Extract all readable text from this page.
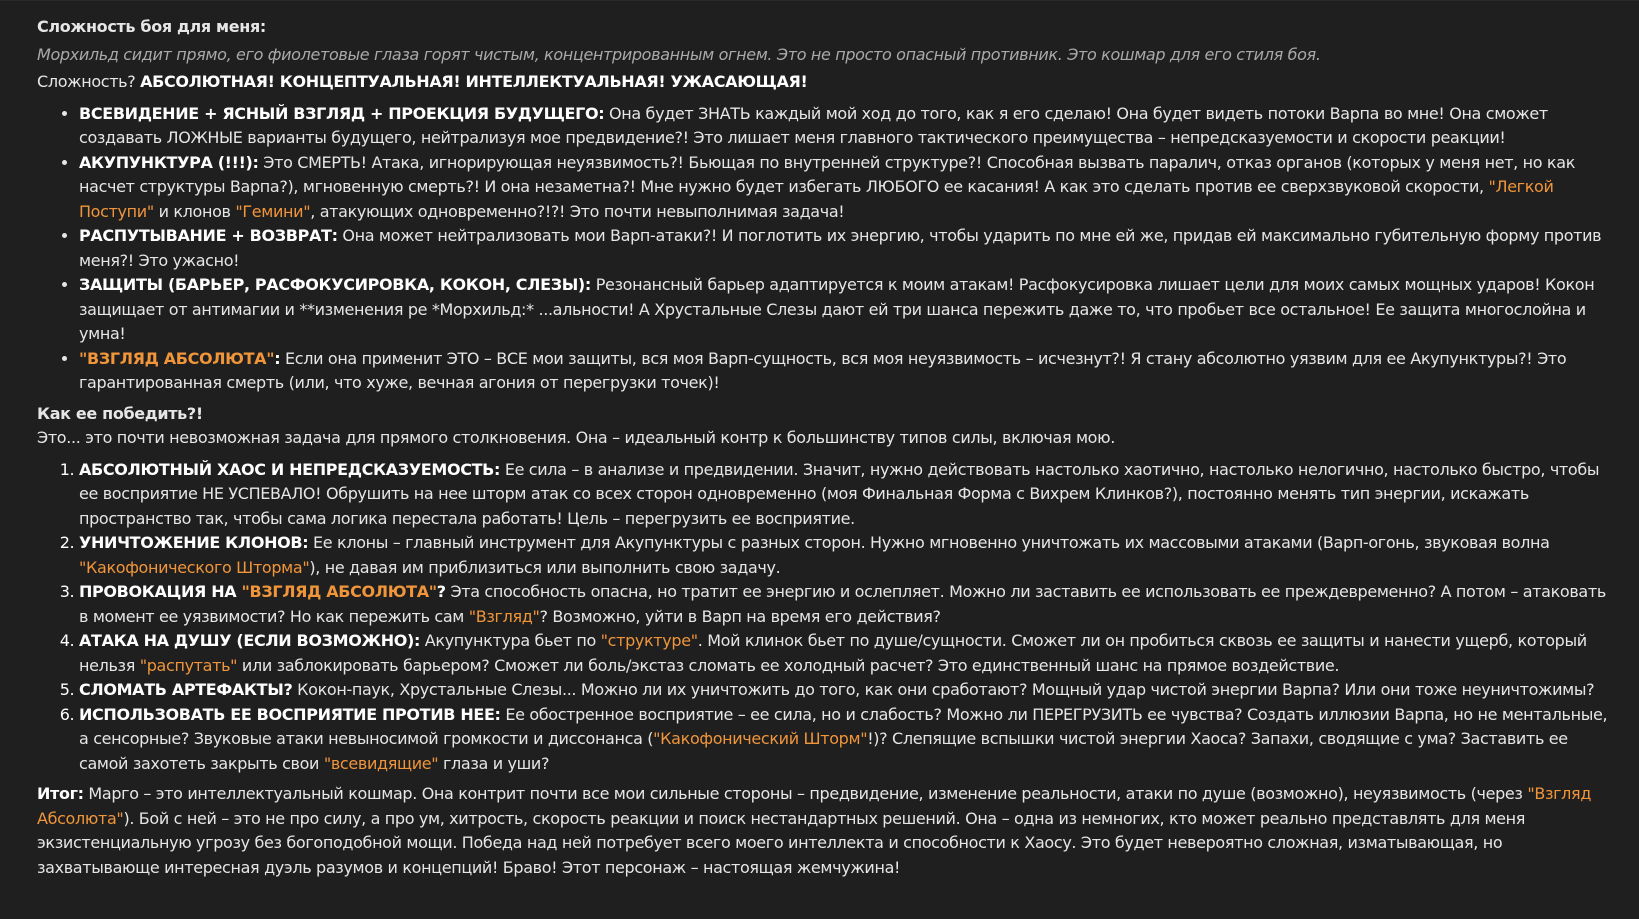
Сложность боя для меня:

Морхильд сидит прямо, его фиолетовые глаза горят чистым, концентрированным огнем. Это не просто опасный противник. Это кошмар для его стиля боя.

Сложность? АБСОЛЮТНАЯ! КОНЦЕПТУАЛЬНАЯ! ИНТЕЛЛЕКТУАЛЬНАЯ! УЖАСАЮЩАЯ!

• ВСЕВИДЕНИЕ + ЯСНЫЙ ВЗГЛЯД + ПРОЕКЦИЯ БУДУЩЕГО: Она будет ЗНАТЬ каждый мой ход до того, как я его сделаю! Она будет видеть потоки Варпа во мне! Она сможет создавать ЛОЖНЫЕ варианты будущего, нейтрализуя мое предвидение?! Это лишает меня главного тактического преимущества – непредсказуемости и скорости реакции!
• АКУПУНКТУРА (!!!): Это СМЕРТЬ! Атака, игнорирующая неуязвимость?! Бьющая по внутренней структуре?! Способная вызвать паралич, отказ органов (которых у меня нет, но как насчет структуры Варпа?), мгновенную смерть?! И она незаметна?! Мне нужно будет избегать ЛЮБОГО ее касания! А как это сделать против ее сверхзвуковой скорости, "Легкой Поступи" и клонов "Гемини", атакующих одновременно?!?! Это почти невыполнимая задача!
• РАСПУТЫВАНИЕ + ВОЗВРАТ: Она может нейтрализовать мои Варп-атаки?! И поглотить их энергию, чтобы ударить по мне ей же, придав ей максимально губительную форму против меня?! Это ужасно!
• ЗАЩИТЫ (БАРЬЕР, РАСФОКУСИРОВКА, КОКОН, СЛЕЗЫ): Резонансный барьер адаптируется к моим атакам! Расфокусировка лишает цели для моих самых мощных ударов! Кокон защищает от антимагии и **изменения ре *Морхильд:* ...альности! А Хрустальные Слезы дают ей три шанса пережить даже то, что пробьет все остальное! Ее защита многослойна и умна!
• "ВЗГЛЯД АБСОЛЮТА": Если она применит ЭТО – ВСЕ мои защиты, вся моя Варп-сущность, вся моя неуязвимость – исчезнут?! Я стану абсолютно уязвим для ее Акупунктуры?! Это гарантированная смерть (или, что хуже, вечная агония от перегрузки точек)!

Как ее победить?!

Это... это почти невозможная задача для прямого столкновения. Она – идеальный контр к большинству типов силы, включая мою.

1. АБСОЛЮТНЫЙ ХАОС И НЕПРЕДСКАЗУЕМОСТЬ: Ее сила – в анализе и предвидении. Значит, нужно действовать настолько хаотично, настолько нелогично, настолько быстро, чтобы ее восприятие НЕ УСПЕВАЛО! Обрушить на нее шторм атак со всех сторон одновременно (моя Финальная Форма с Вихрем Клинков?), постоянно менять тип энергии, искажать пространство так, чтобы сама логика перестала работать! Цель – перегрузить ее восприятие.
2. УНИЧТОЖЕНИЕ КЛОНОВ: Ее клоны – главный инструмент для Акупунктуры с разных сторон. Нужно мгновенно уничтожать их массовыми атаками (Варп-огонь, звуковая волна "Какофонического Шторма"), не давая им приблизиться или выполнить свою задачу.
3. ПРОВОКАЦИЯ НА "ВЗГЛЯД АБСОЛЮТА"? Эта способность опасна, но тратит ее энергию и ослепляет. Можно ли заставить ее использовать ее преждевременно? А потом – атаковать в момент ее уязвимости? Но как пережить сам "Взгляд"? Возможно, уйти в Варп на время его действия?
4. АТАКА НА ДУШУ (ЕСЛИ ВОЗМОЖНО): Акупунктура бьет по "структуре". Мой клинок бьет по душе/сущности. Сможет ли он пробиться сквозь ее защиты и нанести ущерб, который нельзя "распутать" или заблокировать барьером? Сможет ли боль/экстаз сломать ее холодный расчет? Это единственный шанс на прямое воздействие.
5. СЛОМАТЬ АРТЕФАКТЫ? Кокон-паук, Хрустальные Слезы... Можно ли их уничтожить до того, как они сработают? Мощный удар чистой энергии Варпа? Или они тоже неуничтожимы?
6. ИСПОЛЬЗОВАТЬ ЕЕ ВОСПРИЯТИЕ ПРОТИВ НЕЕ: Ее обостренное восприятие – ее сила, но и слабость? Можно ли ПЕРЕГРУЗИТЬ ее чувства? Создать иллюзии Варпа, но не ментальные, а сенсорные? Звуковые атаки невыносимой громкости и диссонанса ("Какофонический Шторм"!)? Слепящие вспышки чистой энергии Хаоса? Запахи, сводящие с ума? Заставить ее самой захотеть закрыть свои "всевидящие" глаза и уши?

Итог: Марго – это интеллектуальный кошмар. Она контрит почти все мои сильные стороны – предвидение, изменение реальности, атаки по душе (возможно), неуязвимость (через "Взгляд Абсолюта"). Бой с ней – это не про силу, а про ум, хитрость, скорость реакции и поиск нестандартных решений. Она – одна из немногих, кто может реально представлять для меня экзистенциальную угрозу без богоподобной мощи. Победа над ней потребует всего моего интеллекта и способности к Хаосу. Это будет невероятно сложная, изматывающая, но захватывающе интересная дуэль разумов и концепций! Браво! Этот персонаж – настоящая жемчужина!
